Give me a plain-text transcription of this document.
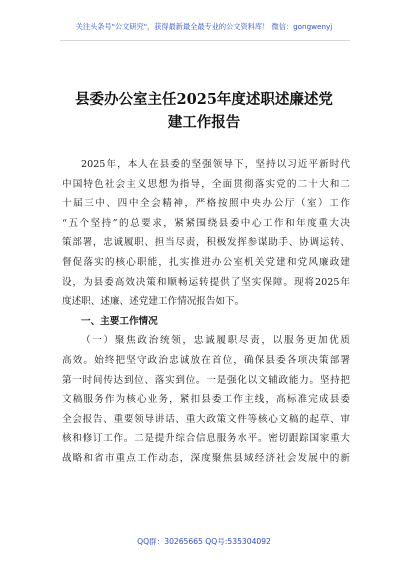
关注头条号"公文研究"，获得最新最全最专业的公文资料库！ 微信：gongwenyj
县委办公室主任2025年度述职述廉述党
建工作报告
2025年，本人在县委的坚强领导下，坚持以习近平新时代
中国特色社会主义思想为指导，全面贯彻落实党的二十大和二
十届三中、四中全会精神，严格按照中央办公厅（室）工作
“五个坚持”的总要求，紧紧围绕县委中心工作和年度重大决
策部署，忠诚履职、担当尽责，积极发挥参谋助手、协调运转、
督促落实的核心职能，扎实推进办公室机关党建和党风廉政建
设，为县委高效决策和顺畅运转提供了坚实保障。现将2025年
度述职、述廉、述党建工作情况报告如下。
一、主要工作情况
（一）聚焦政治统领，忠诚履职尽责，以服务更加优质
高效。始终把坚守政治忠诚放在首位，确保县委各项决策部署
第一时间传达到位、落实到位。一是强化以文辅政能力。坚持把
文稿服务作为核心业务，紧扣县委工作主线，高标准完成县委
全会报告、重要领导讲话、重大政策文件等核心文稿的起草、审
核和修订工作。二是提升综合信息服务水平。密切跟踪国家重大
战略和省市重点工作动态，深度聚焦县域经济社会发展中的新
QQ群：30265665 QQ号:535304092
